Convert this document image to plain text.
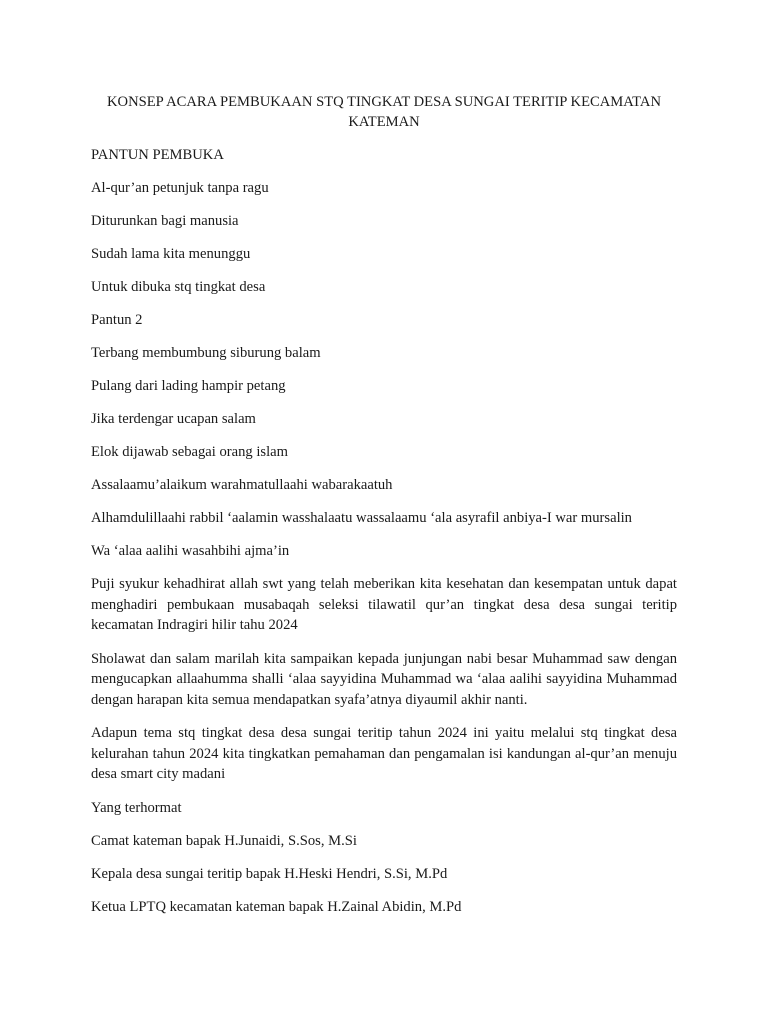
KONSEP ACARA PEMBUKAAN STQ TINGKAT DESA SUNGAI TERITIP KECAMATAN KATEMAN

PANTUN PEMBUKA

Al-qur’an petunjuk tanpa ragu

Diturunkan bagi manusia

Sudah lama kita menunggu

Untuk dibuka stq tingkat desa

Pantun 2

Terbang membumbung siburung balam

Pulang dari lading hampir petang

Jika terdengar ucapan salam

Elok dijawab sebagai orang islam

Assalaamu’alaikum warahmatullaahi wabarakaatuh

Alhamdulillaahi rabbil ‘aalamin wasshalaatu wassalaamu ‘ala asyrafil anbiya-I war mursalin

Wa ‘alaa aalihi wasahbihi ajma’in

Puji syukur kehadhirat allah swt yang telah meberikan kita kesehatan dan kesempatan untuk dapat menghadiri pembukaan musabaqah seleksi tilawatil qur’an tingkat desa desa sungai teritip kecamatan Indragiri hilir tahu 2024

Sholawat dan salam marilah kita sampaikan kepada junjungan nabi besar Muhammad saw dengan mengucapkan allaahumma shalli ‘alaa sayyidina Muhammad wa ‘alaa aalihi sayyidina Muhammad dengan harapan kita semua mendapatkan syafa’atnya diyaumil akhir nanti.

Adapun tema stq tingkat desa desa sungai teritip tahun 2024 ini yaitu melalui stq tingkat desa kelurahan tahun 2024 kita tingkatkan pemahaman dan pengamalan isi kandungan al-qur’an menuju desa smart city madani

Yang terhormat

Camat kateman bapak H.Junaidi, S.Sos, M.Si

Kepala desa sungai teritip bapak H.Heski Hendri, S.Si, M.Pd

Ketua LPTQ kecamatan kateman bapak H.Zainal Abidin, M.Pd
